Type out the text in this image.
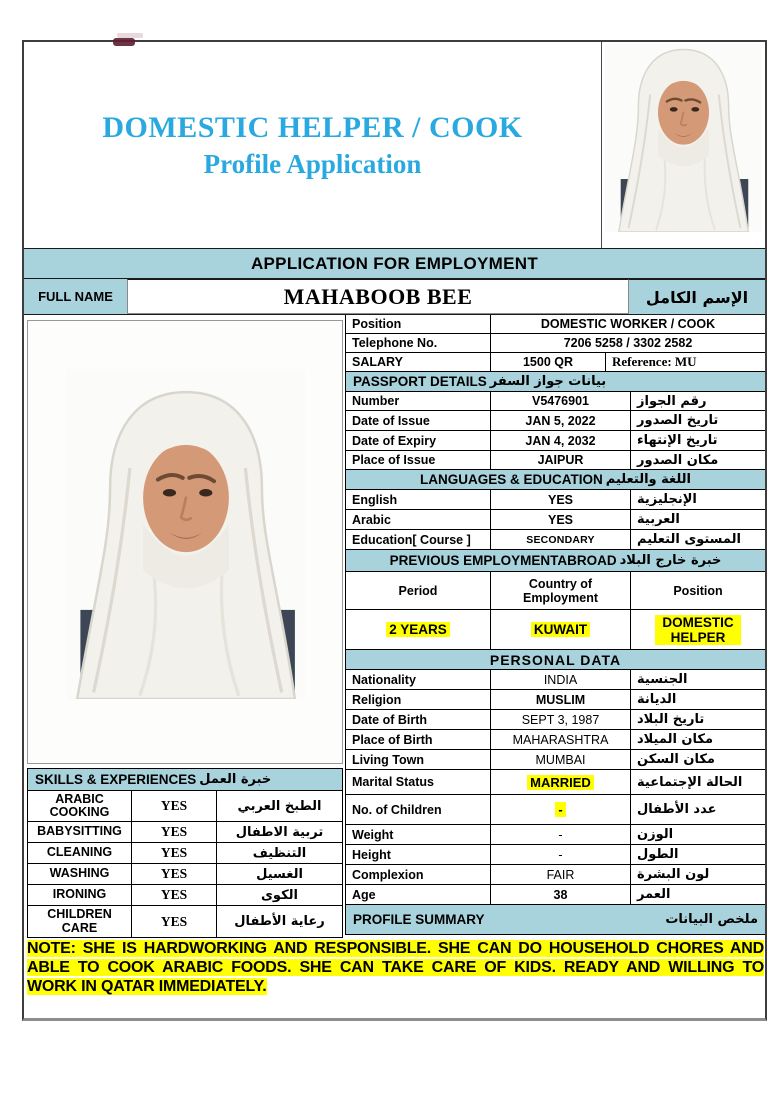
DOMESTIC HELPER / COOK
Profile Application
APPLICATION FOR EMPLOYMENT
FULL NAME	MAHABOOB BEE	الإسم الكامل
SKILLS & EXPERIENCES خبرة العمل
ARABIC COOKING	YES	الطبخ العربي
BABYSITTING	YES	تربية الاطفال
CLEANING	YES	التنظيف
WASHING	YES	الغسيل
IRONING	YES	الكوى
CHILDREN CARE	YES	رعاية الأطفال
Position	DOMESTIC WORKER / COOK
Telephone No.	7206 5258 / 3302 2582
SALARY	1500 QR	Reference: MU
PASSPORT DETAILS بيانات جواز السفر
Number	V5476901	رقم الجواز
Date of Issue	JAN 5, 2022	تاريخ الصدور
Date of Expiry	JAN 4, 2032	تاريخ الإنتهاء
Place of Issue	JAIPUR	مكان الصدور
LANGUAGES & EDUCATION اللغة والتعليم
English	YES	الإنجليزية
Arabic	YES	العربية
Education[ Course ]	SECONDARY	المستوى التعليم
PREVIOUS EMPLOYMENTABROAD خبرة خارج البلاد
Period	Country of Employment	Position
2 YEARS	KUWAIT	DOMESTIC HELPER
PERSONAL DATA
Nationality	INDIA	الجنسية
Religion	MUSLIM	الديانة
Date of Birth	SEPT 3, 1987	تاريخ البلاد
Place of Birth	MAHARASHTRA	مكان الميلاد
Living Town	MUMBAI	مكان السكن
Marital Status	MARRIED	الحالة الإجتماعية
No. of Children	-	عدد الأطفال
Weight	-	الوزن
Height	-	الطول
Complexion	FAIR	لون البشرة
Age	38	العمر
PROFILE SUMMARY	ملخص البيانات
NOTE: SHE IS HARDWORKING AND RESPONSIBLE. SHE CAN DO HOUSEHOLD CHORES AND ABLE TO COOK ARABIC FOODS. SHE CAN TAKE CARE OF KIDS. READY AND WILLING TO WORK IN QATAR IMMEDIATELY.
